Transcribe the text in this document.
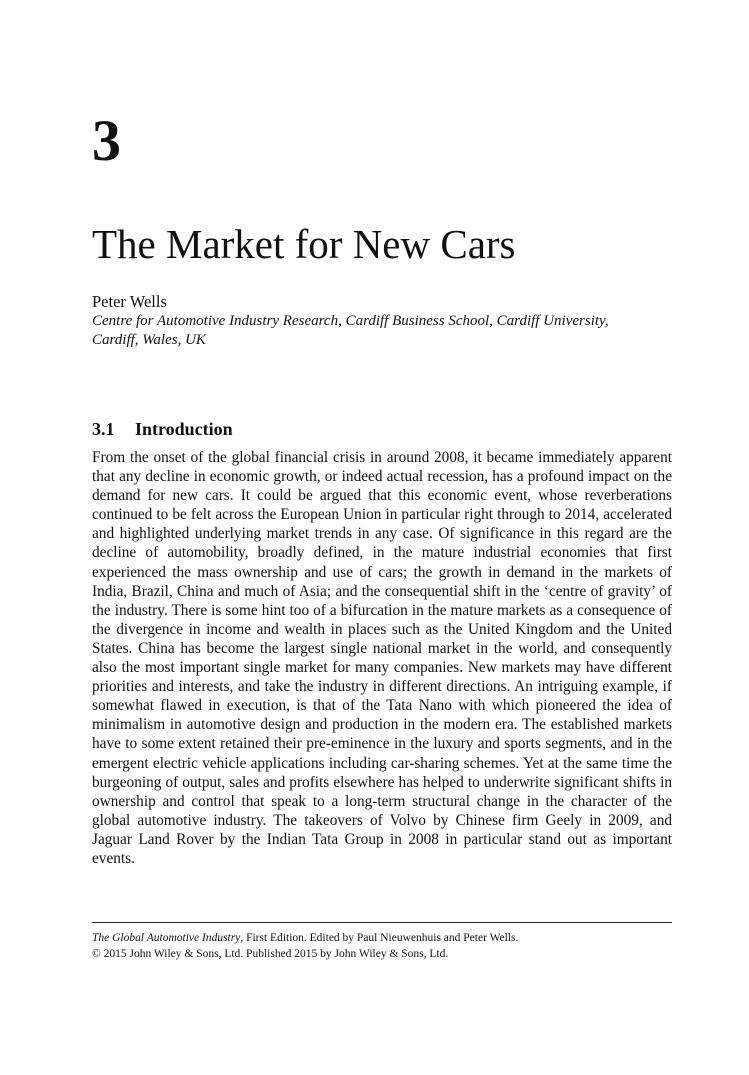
3
The Market for New Cars

Peter Wells

Centre for Automotive Industry Research, Cardiff Business School, Cardiff University,

Cardiff, Wales, UK

3.1 Introduction

From the onset of the global financial crisis in around 2008, it became immediately apparent that any decline in economic growth, or indeed actual recession, has a profound impact on the demand for new cars. It could be argued that this economic event, whose reverberations continued to be felt across the European Union in particular right through to 2014, accelerated and highlighted underlying market trends in any case. Of significance in this regard are the decline of automobility, broadly defined, in the mature industrial economies that first experienced the mass ownership and use of cars; the growth in demand in the markets of India, Brazil, China and much of Asia; and the consequential shift in the ‘centre of gravity’ of the industry. There is some hint too of a bifurcation in the mature markets as a consequence of the divergence in income and wealth in places such as the United Kingdom and the United States. China has become the largest single national market in the world, and consequently also the most important single market for many companies. New markets may have different priorities and interests, and take the industry in different directions. An intriguing example, if somewhat flawed in execution, is that of the Tata Nano with which pioneered the idea of minimalism in automotive design and production in the modern era. The established markets have to some extent retained their pre-eminence in the luxury and sports segments, and in the emergent electric vehicle applications including car-sharing schemes. Yet at the same time the burgeoning of output, sales and profits elsewhere has helped to underwrite significant shifts in ownership and control that speak to a long-term structural change in the character of the global automotive industry. The takeovers of Volvo by Chinese firm Geely in 2009, and Jaguar Land Rover by the Indian Tata Group in 2008 in particular stand out as important events.

The Global Automotive Industry, First Edition. Edited by Paul Nieuwenhuis and Peter Wells.
© 2015 John Wiley & Sons, Ltd. Published 2015 by John Wiley & Sons, Ltd.
